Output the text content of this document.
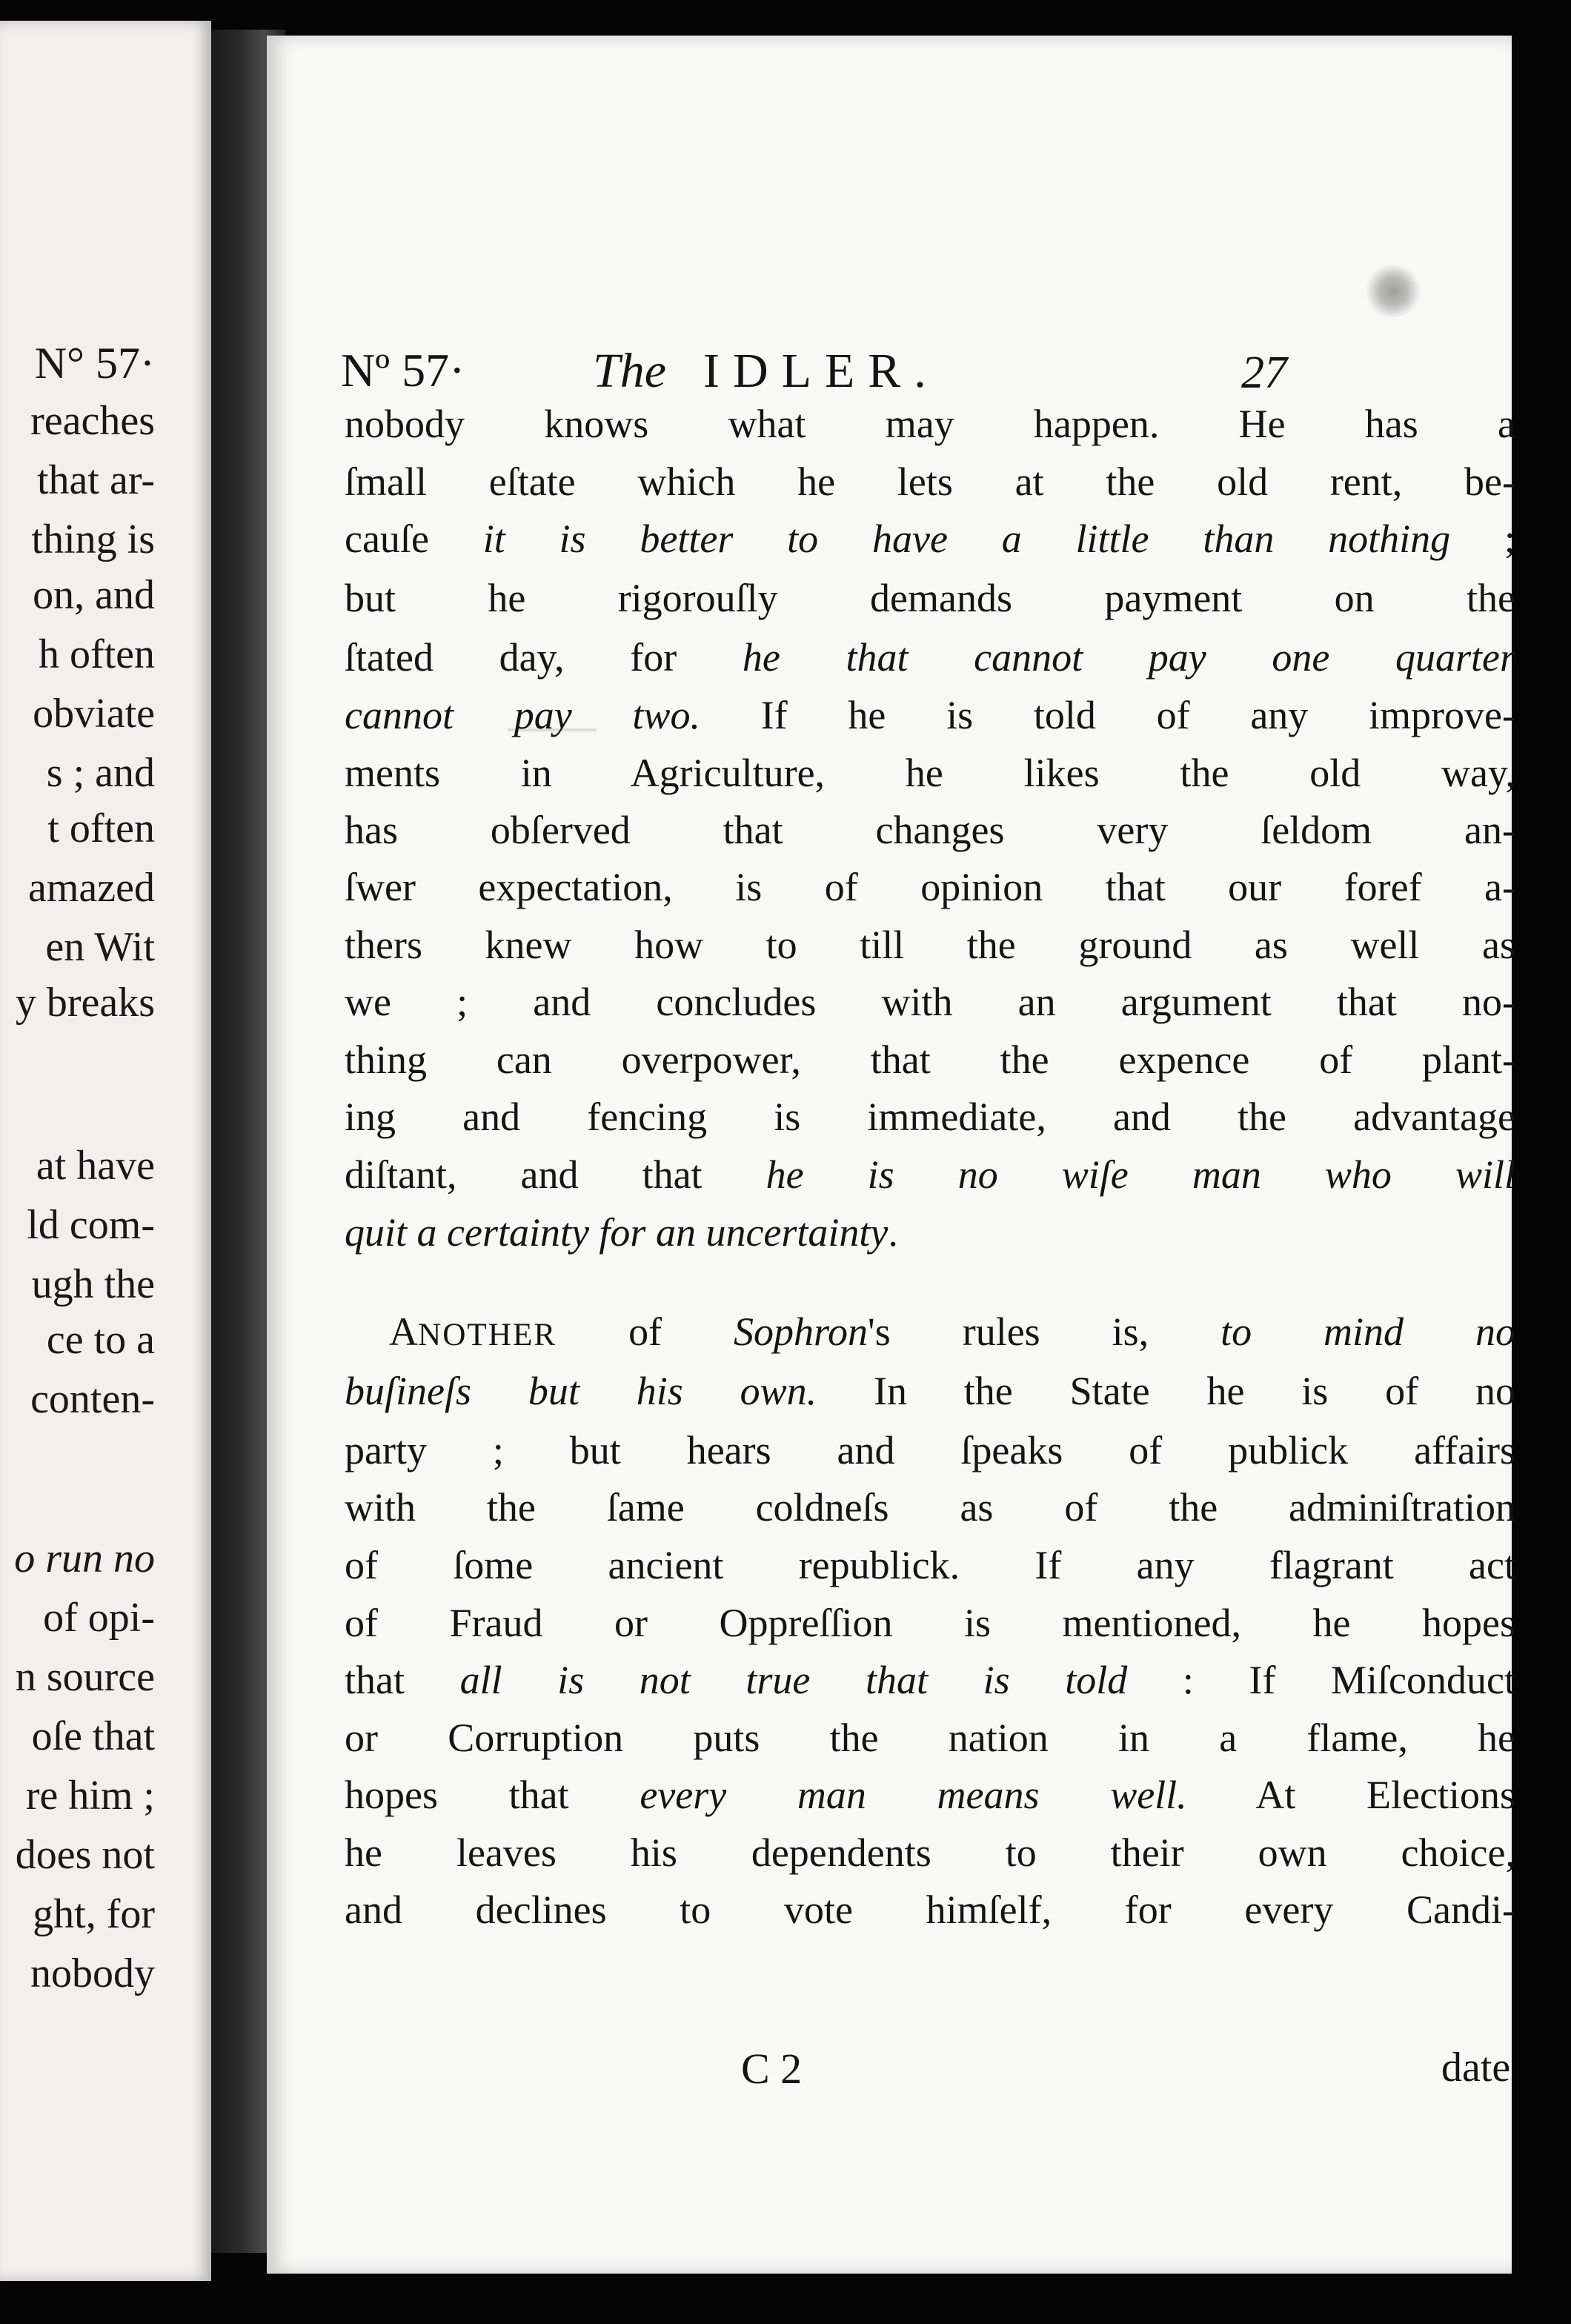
N° 57·
reaches
that ar-
thing is
on, and
h often
obviate
s ; and
t often
amazed
en Wit
y breaks
at have
ld com-
ugh the
ce to a
conten-
o run no
of opi-
n source
oſe that
re him ;
does not
ght, for
nobody
Nº 57·	The IDLER.	27
nobody knows what may happen. He has a
ſmall eſtate which he lets at the old rent, be-
cauſe it is better to have a little than nothing ;
but he rigorouſly demands payment on the
ſtated day, for he that cannot pay one quarter
cannot pay two. If he is told of any improve-
ments in Agriculture, he likes the old way,
has obſerved that changes very ſeldom an-
ſwer expectation, is of opinion that our foref a-
thers knew how to till the ground as well as
we ; and concludes with an argument that no-
thing can overpower, that the expence of plant-
ing and fencing is immediate, and the advantage
diſtant, and that he is no wiſe man who will
quit a certainty for an uncertainty.
ANOTHER of Sophron's rules is, to mind no
buſineſs but his own. In the State he is of no
party ; but hears and ſpeaks of publick affairs
with the ſame coldneſs as of the adminiſtration
of ſome ancient republick. If any flagrant act
of Fraud or Oppreſſion is mentioned, he hopes
that all is not true that is told : If Miſconduct
or Corruption puts the nation in a flame, he
hopes that every man means well. At Elections
he leaves his dependents to their own choice,
and declines to vote himſelf, for every Candi-
C 2	date
